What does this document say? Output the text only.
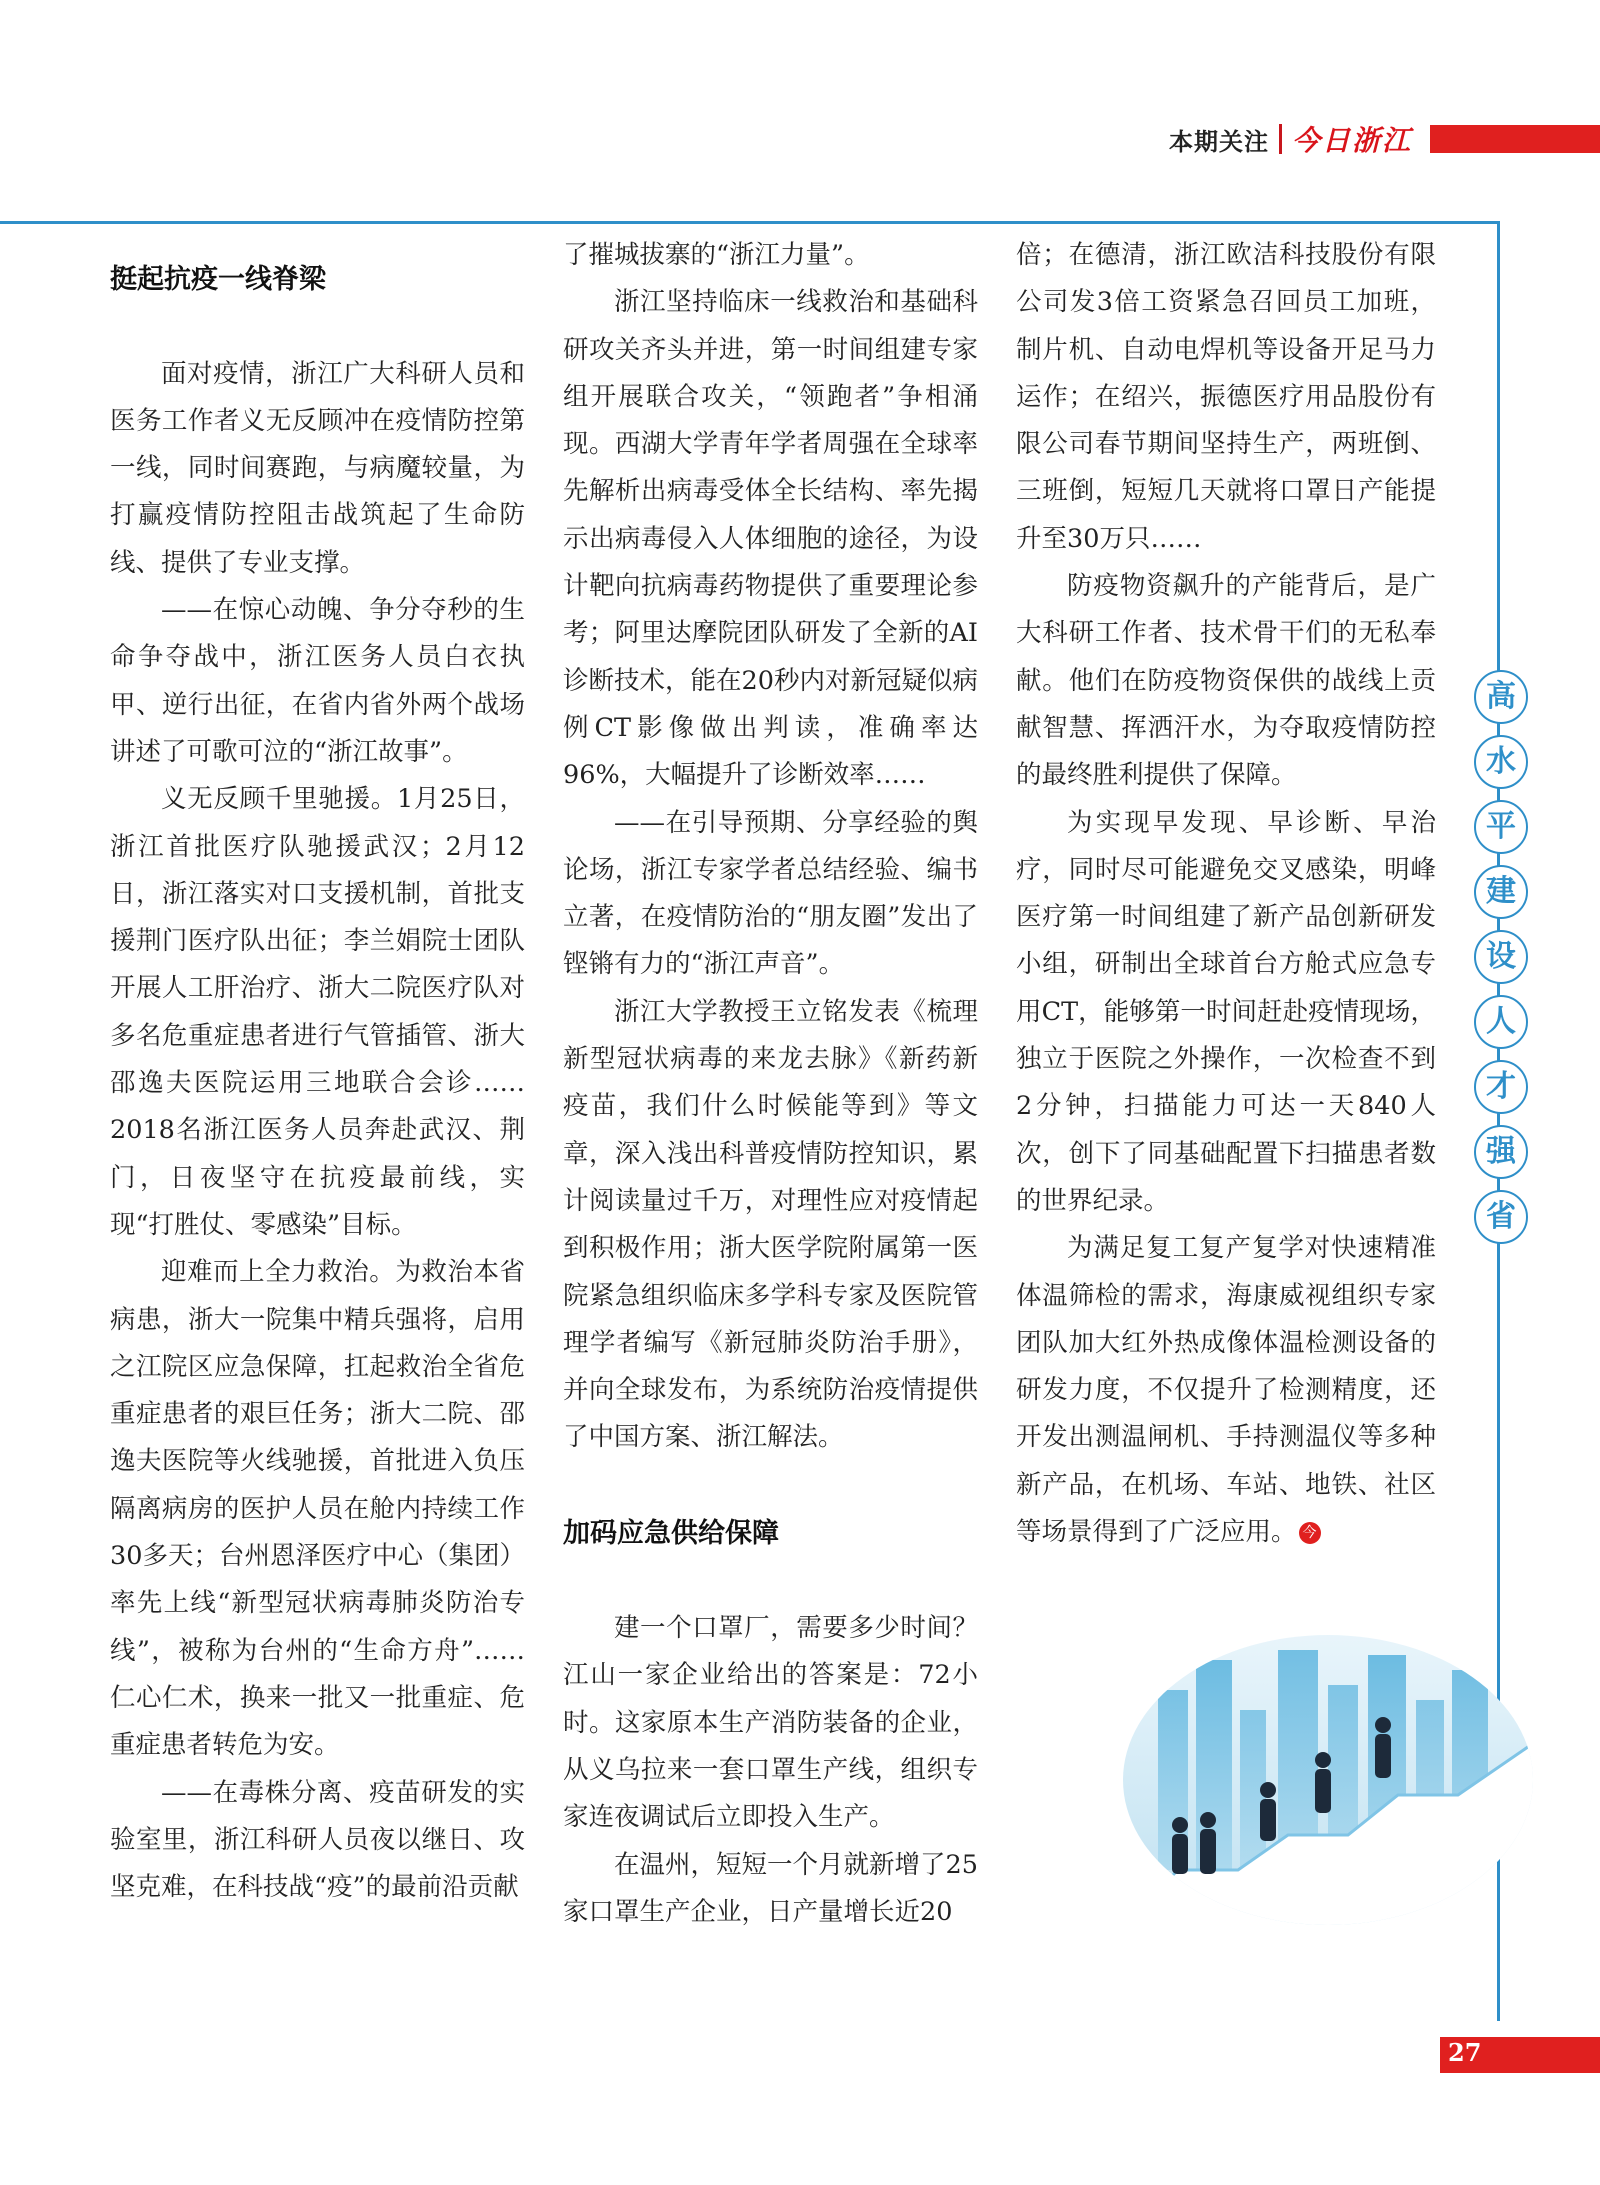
本期关注 今日浙江
挺起抗疫一线脊梁

面对疫情，浙江广大科研人员和医务工作者义无反顾冲在疫情防控第一线，同时间赛跑，与病魔较量，为打赢疫情防控阻击战筑起了生命防线、提供了专业支撑。

——在惊心动魄、争分夺秒的生命争夺战中，浙江医务人员白衣执甲、逆行出征，在省内省外两个战场讲述了可歌可泣的“浙江故事”。

义无反顾千里驰援。1月25日，浙江首批医疗队驰援武汉；2月12日，浙江落实对口支援机制，首批支援荆门医疗队出征；李兰娟院士团队开展人工肝治疗、浙大二院医疗队对多名危重症患者进行气管插管、浙大邵逸夫医院运用三地联合会诊……2018名浙江医务人员奔赴武汉、荆门，日夜坚守在抗疫最前线，实现“打胜仗、零感染”目标。

迎难而上全力救治。为救治本省病患，浙大一院集中精兵强将，启用之江院区应急保障，扛起救治全省危重症患者的艰巨任务；浙大二院、邵逸夫医院等火线驰援，首批进入负压隔离病房的医护人员在舱内持续工作30多天；台州恩泽医疗中心（集团）率先上线“新型冠状病毒肺炎防治专线”，被称为台州的“生命方舟”……仁心仁术，换来一批又一批重症、危重症患者转危为安。

——在毒株分离、疫苗研发的实验室里，浙江科研人员夜以继日、攻坚克难，在科技战“疫”的最前沿贡献

了摧城拔寨的“浙江力量”。

浙江坚持临床一线救治和基础科研攻关齐头并进，第一时间组建专家组开展联合攻关，“领跑者”争相涌现。西湖大学青年学者周强在全球率先解析出病毒受体全长结构、率先揭示出病毒侵入人体细胞的途径，为设计靶向抗病毒药物提供了重要理论参考；阿里达摩院团队研发了全新的AI诊断技术，能在20秒内对新冠疑似病例CT影像做出判读，准确率达96%，大幅提升了诊断效率……

——在引导预期、分享经验的舆论场，浙江专家学者总结经验、编书立著，在疫情防治的“朋友圈”发出了铿锵有力的“浙江声音”。

浙江大学教授王立铭发表《梳理新型冠状病毒的来龙去脉》《新药新疫苗，我们什么时候能等到》等文章，深入浅出科普疫情防控知识，累计阅读量过千万，对理性应对疫情起到积极作用；浙大医学院附属第一医院紧急组织临床多学科专家及医院管理学者编写《新冠肺炎防治手册》，并向全球发布，为系统防治疫情提供了中国方案、浙江解法。

加码应急供给保障

建一个口罩厂，需要多少时间？江山一家企业给出的答案是：72小时。这家原本生产消防装备的企业，从义乌拉来一套口罩生产线，组织专家连夜调试后立即投入生产。

在温州，短短一个月就新增了25家口罩生产企业，日产量增长近20

倍；在德清，浙江欧洁科技股份有限公司发3倍工资紧急召回员工加班，制片机、自动电焊机等设备开足马力运作；在绍兴，振德医疗用品股份有限公司春节期间坚持生产，两班倒、三班倒，短短几天就将口罩日产能提升至30万只……

防疫物资飙升的产能背后，是广大科研工作者、技术骨干们的无私奉献。他们在防疫物资保供的战线上贡献智慧、挥洒汗水，为夺取疫情防控的最终胜利提供了保障。

为实现早发现、早诊断、早治疗，同时尽可能避免交叉感染，明峰医疗第一时间组建了新产品创新研发小组，研制出全球首台方舱式应急专用CT，能够第一时间赶赴疫情现场，独立于医院之外操作，一次检查不到2分钟，扫描能力可达一天840人次，创下了同基础配置下扫描患者数的世界纪录。

为满足复工复产复学对快速精准体温筛检的需求，海康威视组织专家团队加大红外热成像体温检测设备的研发力度，不仅提升了检测精度，还开发出测温闸机、手持测温仪等多种新产品，在机场、车站、地铁、社区等场景得到了广泛应用。 今

高
水
平
建
设
人
才
强
省
27
